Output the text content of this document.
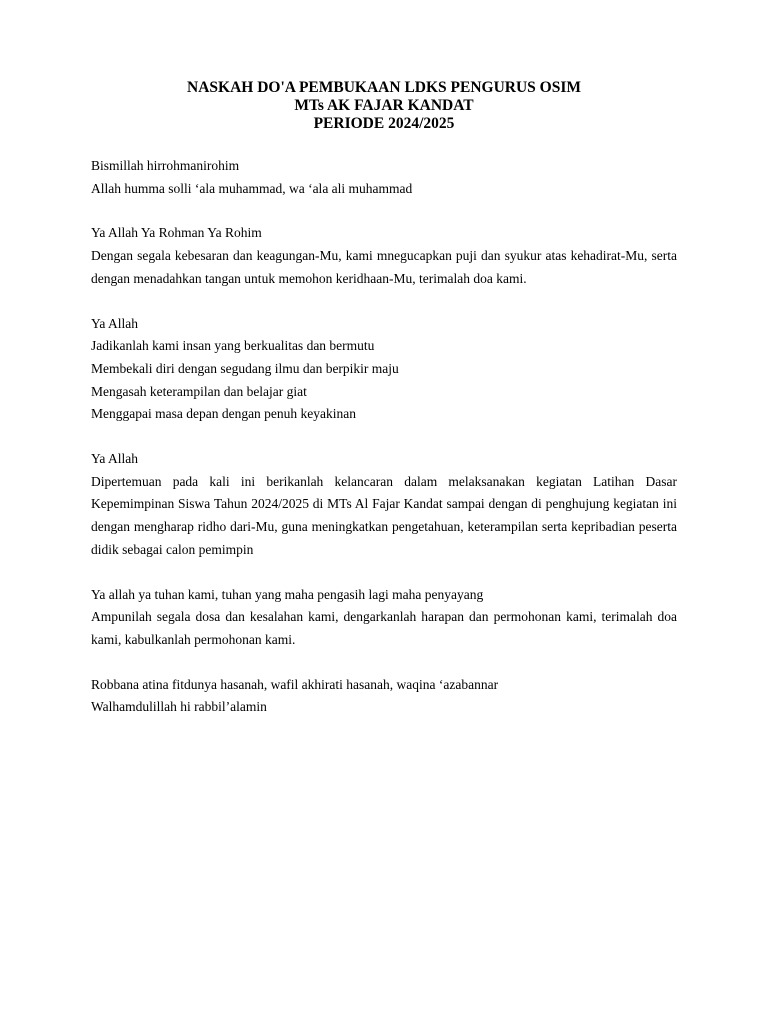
NASKAH DO'A PEMBUKAAN LDKS PENGURUS OSIM
MTs AK FAJAR KANDAT
PERIODE 2024/2025
Bismillah hirrohmanirohim
Allah humma solli ‘ala muhammad, wa ‘ala ali muhammad
Ya Allah Ya Rohman Ya Rohim
Dengan segala kebesaran dan keagungan-Mu, kami mnegucapkan puji dan syukur atas kehadirat-Mu, serta dengan menadahkan tangan untuk memohon keridhaan-Mu, terimalah doa kami.
Ya Allah
Jadikanlah kami insan yang berkualitas dan bermutu
Membekali diri dengan segudang ilmu dan berpikir maju
Mengasah keterampilan dan belajar giat
Menggapai masa depan dengan penuh keyakinan
Ya Allah
Dipertemuan pada kali ini berikanlah kelancaran dalam melaksanakan kegiatan Latihan Dasar Kepemimpinan Siswa Tahun 2024/2025 di MTs Al Fajar Kandat sampai dengan di penghujung kegiatan ini dengan mengharap ridho dari-Mu, guna meningkatkan pengetahuan, keterampilan serta kepribadian peserta didik sebagai calon pemimpin
Ya allah ya tuhan kami, tuhan yang maha pengasih lagi maha penyayang
Ampunilah segala dosa dan kesalahan kami, dengarkanlah harapan dan permohonan kami, terimalah doa kami, kabulkanlah permohonan kami.
Robbana atina fitdunya hasanah, wafil akhirati hasanah, waqina ‘azabannar
Walhamdulillah hi rabbil’alamin
